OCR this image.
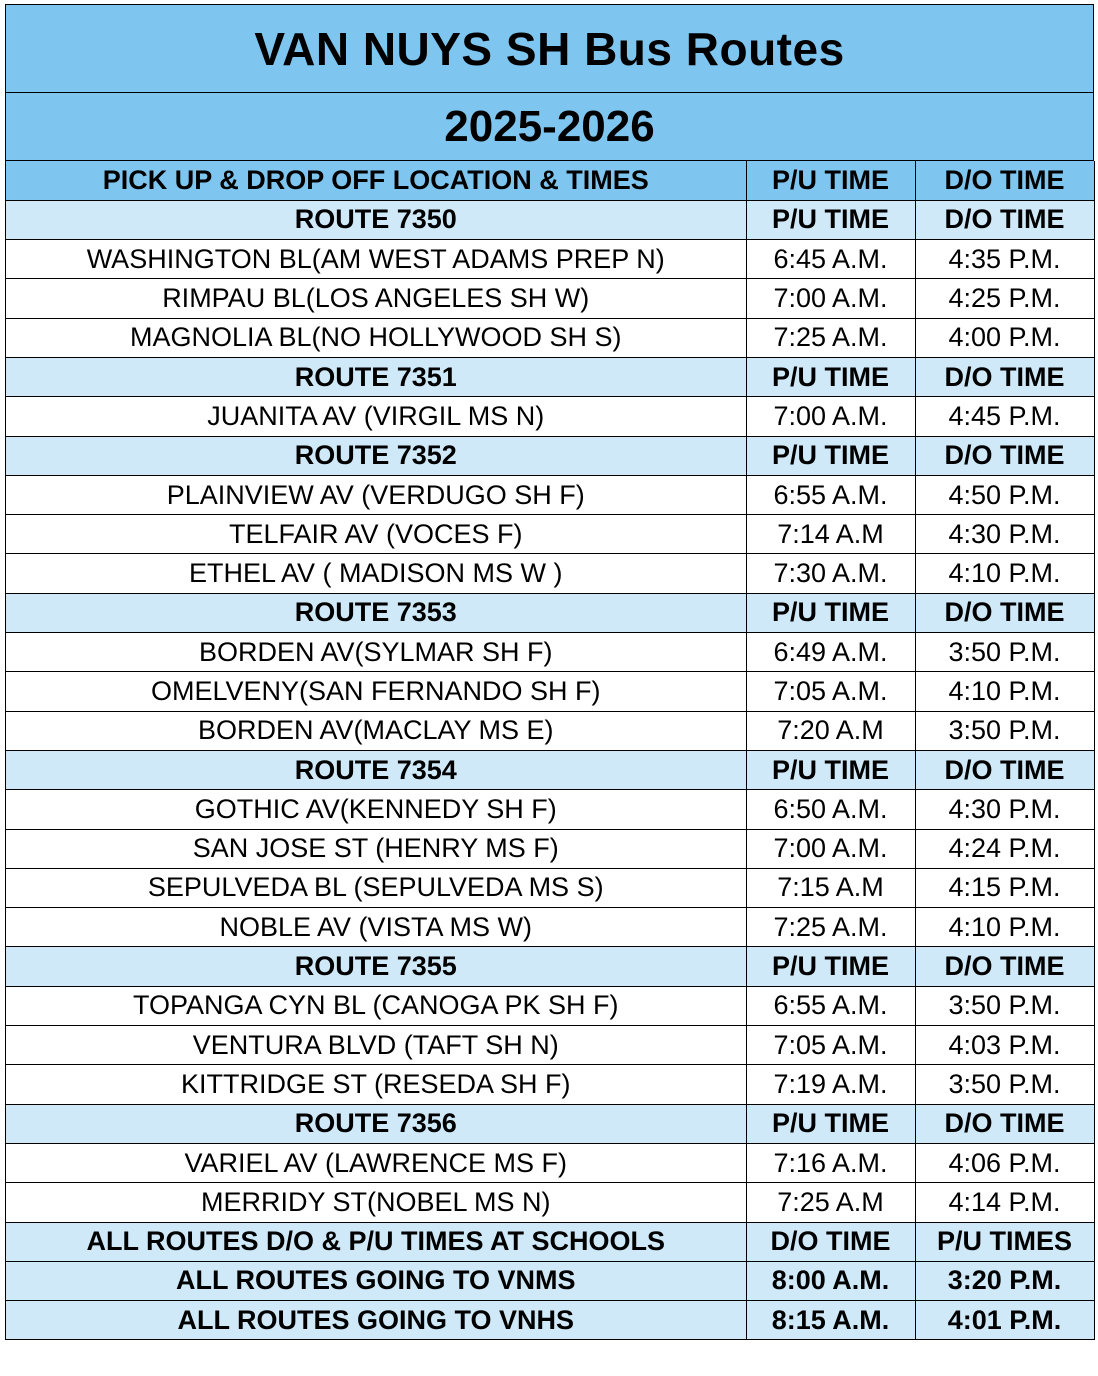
VAN NUYS SH Bus Routes
2025-2026
PICK UP & DROP OFF LOCATION & TIMES	P/U TIME	D/O TIME
ROUTE 7350	P/U TIME	D/O TIME
WASHINGTON BL(AM WEST ADAMS PREP N)	6:45 A.M.	4:35 P.M.
RIMPAU BL(LOS ANGELES SH W)	7:00 A.M.	4:25 P.M.
MAGNOLIA BL(NO HOLLYWOOD SH S)	7:25 A.M.	4:00 P.M.
ROUTE 7351	P/U TIME	D/O TIME
JUANITA AV (VIRGIL MS N)	7:00 A.M.	4:45 P.M.
ROUTE 7352	P/U TIME	D/O TIME
PLAINVIEW AV (VERDUGO SH F)	6:55 A.M.	4:50 P.M.
TELFAIR AV (VOCES F)	7:14 A.M	4:30 P.M.
ETHEL AV ( MADISON MS W )	7:30 A.M.	4:10 P.M.
ROUTE 7353	P/U TIME	D/O TIME
BORDEN AV(SYLMAR SH F)	6:49 A.M.	3:50 P.M.
OMELVENY(SAN FERNANDO SH F)	7:05 A.M.	4:10 P.M.
BORDEN AV(MACLAY MS E)	7:20 A.M	3:50 P.M.
ROUTE 7354	P/U TIME	D/O TIME
GOTHIC AV(KENNEDY SH F)	6:50 A.M.	4:30 P.M.
SAN JOSE ST (HENRY MS F)	7:00 A.M.	4:24 P.M.
SEPULVEDA BL (SEPULVEDA MS S)	7:15 A.M	4:15 P.M.
NOBLE AV (VISTA MS W)	7:25 A.M.	4:10 P.M.
ROUTE 7355	P/U TIME	D/O TIME
TOPANGA CYN BL (CANOGA PK SH F)	6:55 A.M.	3:50 P.M.
VENTURA BLVD (TAFT SH N)	7:05 A.M.	4:03 P.M.
KITTRIDGE ST (RESEDA SH F)	7:19 A.M.	3:50 P.M.
ROUTE 7356	P/U TIME	D/O TIME
VARIEL AV (LAWRENCE MS F)	7:16 A.M.	4:06 P.M.
MERRIDY ST(NOBEL MS N)	7:25 A.M	4:14 P.M.
ALL ROUTES D/O & P/U TIMES AT SCHOOLS	D/O TIME	P/U TIMES
ALL ROUTES GOING TO VNMS	8:00 A.M.	3:20 P.M.
ALL ROUTES GOING TO VNHS	8:15 A.M.	4:01 P.M.
